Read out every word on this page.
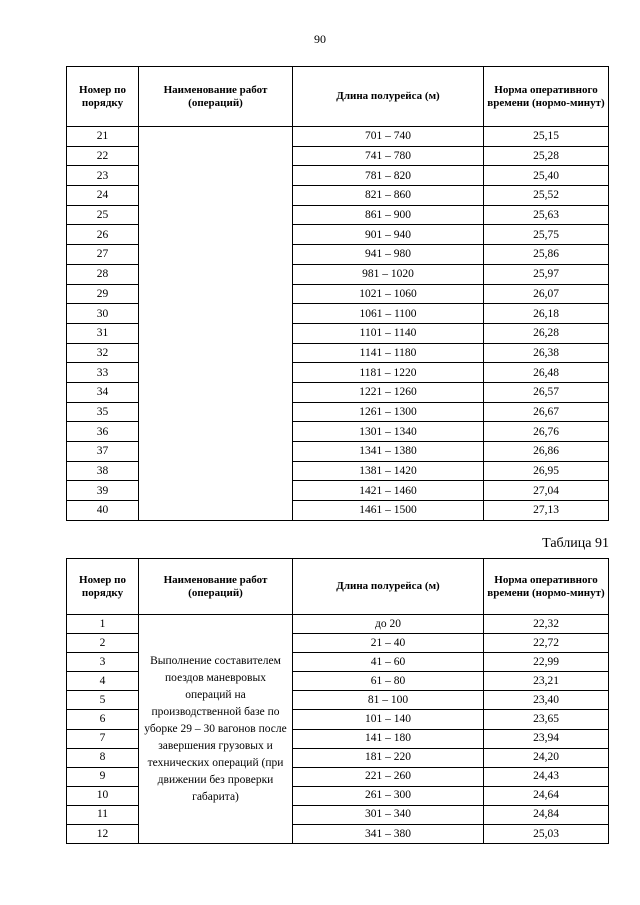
90
Номер по порядку	Наименование работ (операций)	Длина полурейса (м)	Норма оперативного времени (нормо-минут)
21		701 – 740	25,15
22		741 – 780	25,28
23		781 – 820	25,40
24		821 – 860	25,52
25		861 – 900	25,63
26		901 – 940	25,75
27		941 – 980	25,86
28		981 – 1020	25,97
29		1021 – 1060	26,07
30		1061 – 1100	26,18
31		1101 – 1140	26,28
32		1141 – 1180	26,38
33		1181 – 1220	26,48
34		1221 – 1260	26,57
35		1261 – 1300	26,67
36		1301 – 1340	26,76
37		1341 – 1380	26,86
38		1381 – 1420	26,95
39		1421 – 1460	27,04
40		1461 – 1500	27,13
Таблица 91
Номер по порядку	Наименование работ (операций)	Длина полурейса (м)	Норма оперативного времени (нормо-минут)
1	Выполнение составителем поездов маневровых операций на производственной базе по уборке 29 – 30 вагонов после завершения грузовых и технических операций (при движении без проверки габарита)	до 20	22,32
2		21 – 40	22,72
3		41 – 60	22,99
4		61 – 80	23,21
5		81 – 100	23,40
6		101 – 140	23,65
7		141 – 180	23,94
8		181 – 220	24,20
9		221 – 260	24,43
10		261 – 300	24,64
11		301 – 340	24,84
12		341 – 380	25,03
